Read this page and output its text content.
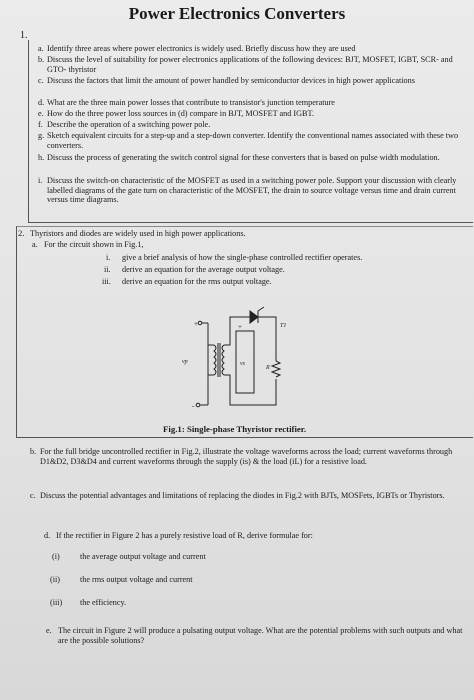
Power Electronics Converters
1.
a. Identify three areas where power electronics is widely used. Briefly discuss how they are used
b. Discuss the level of suitability for power electronics applications of the following devices: BJT, MOSFET, IGBT, SCR- and GTO- thyristor
c. Discuss the factors that limit the amount of power handled by semiconductor devices in high power applications
d. What are the three main power losses that contribute to transistor's junction temperature
e. How do the three power loss sources in (d) compare in BJT, MOSFET and IGBT.
f. Describe the operation of a switching power pole.
g. Sketch equivalent circuits for a step-up and a step-down converter. Identify the conventional names associated with these two converters.
h. Discuss the process of generating the switch control signal for these converters that is based on pulse width modulation.
i. Discuss the switch-on characteristic of the MOSFET as used in a switching power pole. Support your discussion with clearly labelled diagrams of the gate turn on characteristic of the MOSFET, the drain to source voltage versus time and drain current versus time diagrams.
2. Thyristors and diodes are widely used in high power applications.
a. For the circuit shown in Fig.1,
i. give a brief analysis of how the single-phase controlled rectifier operates.
ii. derive an equation for the average output voltage.
iii. derive an equation for the rms output voltage.
vp	vs
R
T1
+	+
-
Fig.1: Single-phase Thyristor rectifier.
b. For the full bridge uncontrolled rectifier in Fig.2, illustrate the voltage waveforms across the load; current waveforms through D1&D2, D3&D4 and current waveforms through the supply (is) & the load (iL) for a resistive load.
c. Discuss the potential advantages and limitations of replacing the diodes in Fig.2 with BJTs, MOSFets, IGBTs or Thyristors.
d. If the rectifier in Figure 2 has a purely resistive load of R, derive formulae for:
(i) the average output voltage and current
(ii) the rms output voltage and current
(iii) the efficiency.
e. The circuit in Figure 2 will produce a pulsating output voltage. What are the potential problems with such outputs and what are the possible solutions?
